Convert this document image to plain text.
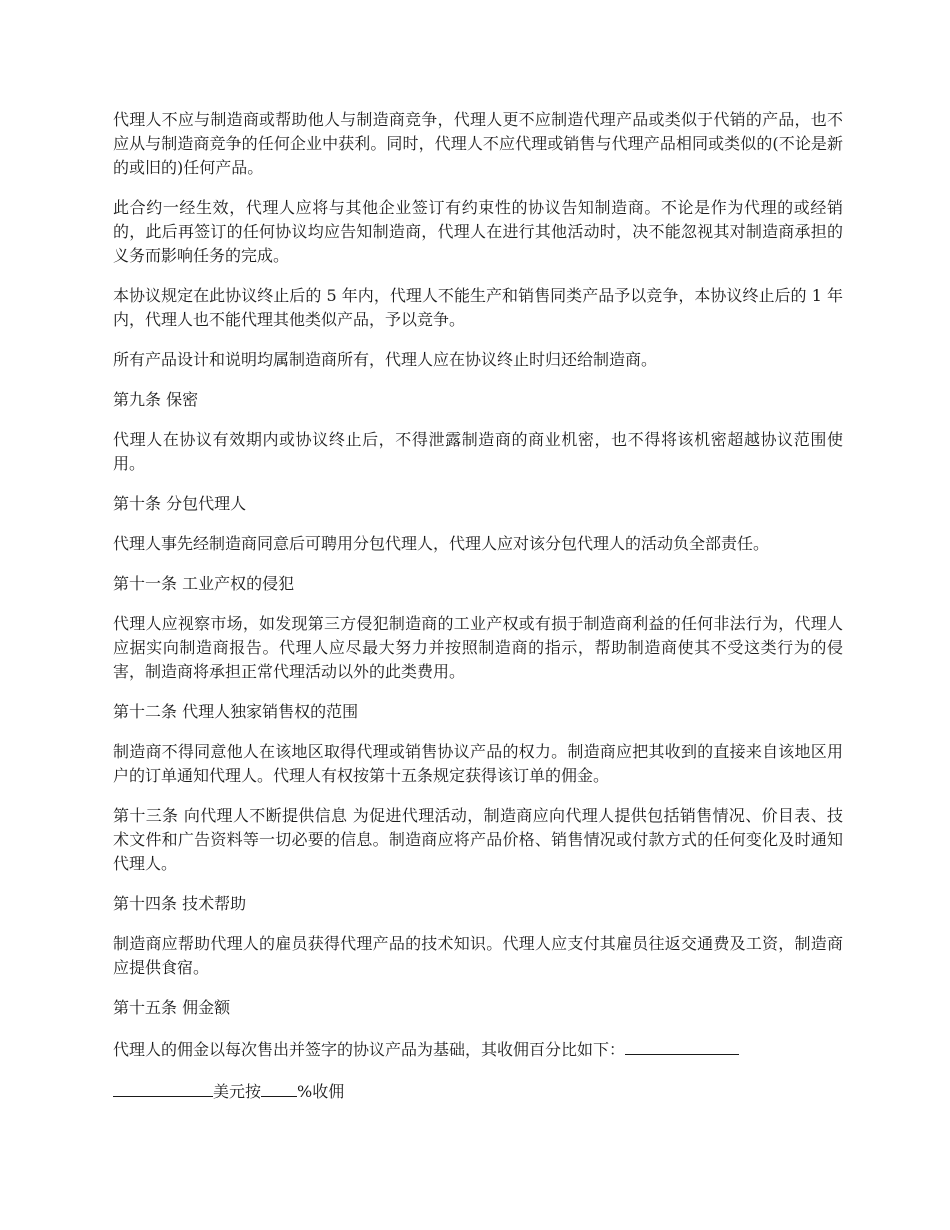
代理人不应与制造商或帮助他人与制造商竞争，代理人更不应制造代理产品或类似于代销的产品，也不应从与制造商竞争的任何企业中获利。同时，代理人不应代理或销售与代理产品相同或类似的(不论是新的或旧的)任何产品。

此合约一经生效，代理人应将与其他企业签订有约束性的协议告知制造商。不论是作为代理的或经销的，此后再签订的任何协议均应告知制造商，代理人在进行其他活动时，决不能忽视其对制造商承担的义务而影响任务的完成。

本协议规定在此协议终止后的 5 年内，代理人不能生产和销售同类产品予以竞争，本协议终止后的 1 年内，代理人也不能代理其他类似产品，予以竞争。

所有产品设计和说明均属制造商所有，代理人应在协议终止时归还给制造商。

第九条 保密

代理人在协议有效期内或协议终止后，不得泄露制造商的商业机密，也不得将该机密超越协议范围使用。

第十条 分包代理人

代理人事先经制造商同意后可聘用分包代理人，代理人应对该分包代理人的活动负全部责任。

第十一条 工业产权的侵犯

代理人应视察市场，如发现第三方侵犯制造商的工业产权或有损于制造商利益的任何非法行为，代理人应据实向制造商报告。代理人应尽最大努力并按照制造商的指示，帮助制造商使其不受这类行为的侵害，制造商将承担正常代理活动以外的此类费用。

第十二条 代理人独家销售权的范围

制造商不得同意他人在该地区取得代理或销售协议产品的权力。制造商应把其收到的直接来自该地区用户的订单通知代理人。代理人有权按第十五条规定获得该订单的佣金。

第十三条 向代理人不断提供信息 为促进代理活动，制造商应向代理人提供包括销售情况、价目表、技术文件和广告资料等一切必要的信息。制造商应将产品价格、销售情况或付款方式的任何变化及时通知代理人。

第十四条 技术帮助

制造商应帮助代理人的雇员获得代理产品的技术知识。代理人应支付其雇员往返交通费及工资，制造商应提供食宿。

第十五条 佣金额

代理人的佣金以每次售出并签字的协议产品为基础，其收佣百分比如下：

美元按 %收佣
